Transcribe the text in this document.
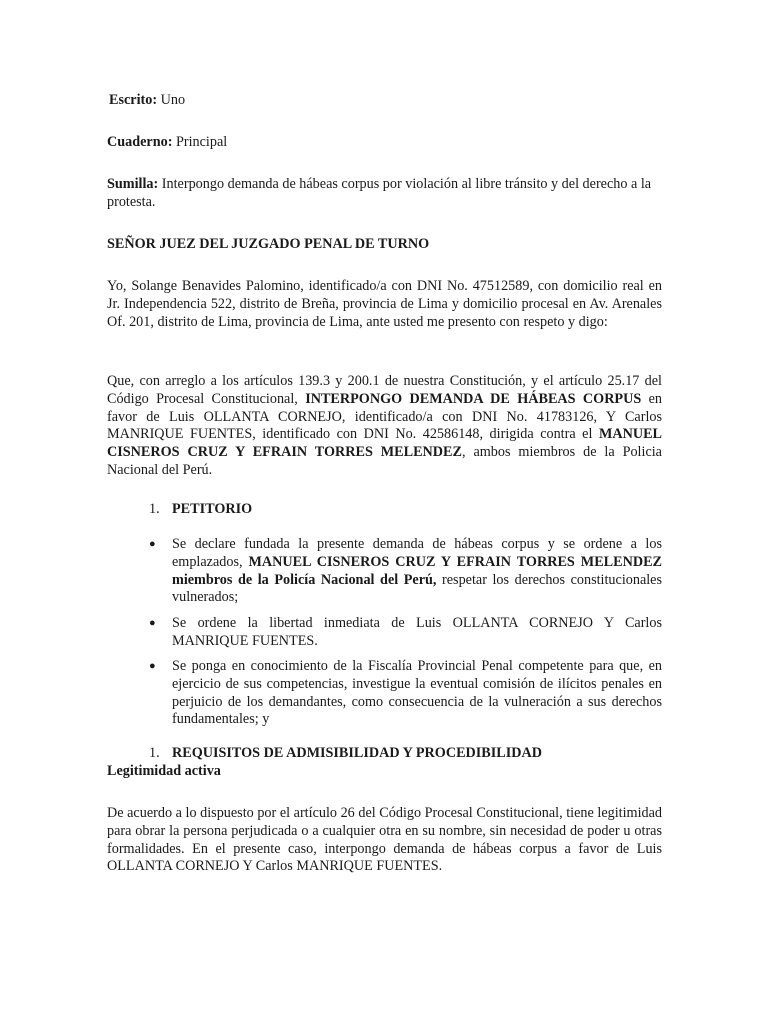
Escrito: Uno
Cuaderno: Principal
Sumilla: Interpongo demanda de hábeas corpus por violación al libre tránsito y del derecho a la protesta.
SEÑOR JUEZ DEL JUZGADO PENAL DE TURNO
Yo, Solange Benavides Palomino, identificado/a con DNI No. 47512589, con domicilio real en Jr. Independencia 522, distrito de Breña, provincia de Lima y domicilio procesal en Av. Arenales Of. 201, distrito de Lima, provincia de Lima, ante usted me presento con respeto y digo:
Que, con arreglo a los artículos 139.3 y 200.1 de nuestra Constitución, y el artículo 25.17 del Código Procesal Constitucional, INTERPONGO DEMANDA DE HÁBEAS CORPUS en favor de Luis OLLANTA CORNEJO, identificado/a con DNI No. 41783126, Y Carlos MANRIQUE FUENTES, identificado con DNI No. 42586148, dirigida contra el MANUEL CISNEROS CRUZ Y EFRAIN TORRES MELENDEZ, ambos miembros de la Policia Nacional del Perú.
1. PETITORIO
● Se declare fundada la presente demanda de hábeas corpus y se ordene a los emplazados, MANUEL CISNEROS CRUZ Y EFRAIN TORRES MELENDEZ miembros de la Policía Nacional del Perú, respetar los derechos constitucionales vulnerados;
● Se ordene la libertad inmediata de Luis OLLANTA CORNEJO Y Carlos MANRIQUE FUENTES.
● Se ponga en conocimiento de la Fiscalía Provincial Penal competente para que, en ejercicio de sus competencias, investigue la eventual comisión de ilícitos penales en perjuicio de los demandantes, como consecuencia de la vulneración a sus derechos fundamentales; y
1. REQUISITOS DE ADMISIBILIDAD Y PROCEDIBILIDAD
Legitimidad activa
De acuerdo a lo dispuesto por el artículo 26 del Código Procesal Constitucional, tiene legitimidad para obrar la persona perjudicada o a cualquier otra en su nombre, sin necesidad de poder u otras formalidades. En el presente caso, interpongo demanda de hábeas corpus a favor de Luis OLLANTA CORNEJO Y Carlos MANRIQUE FUENTES.
